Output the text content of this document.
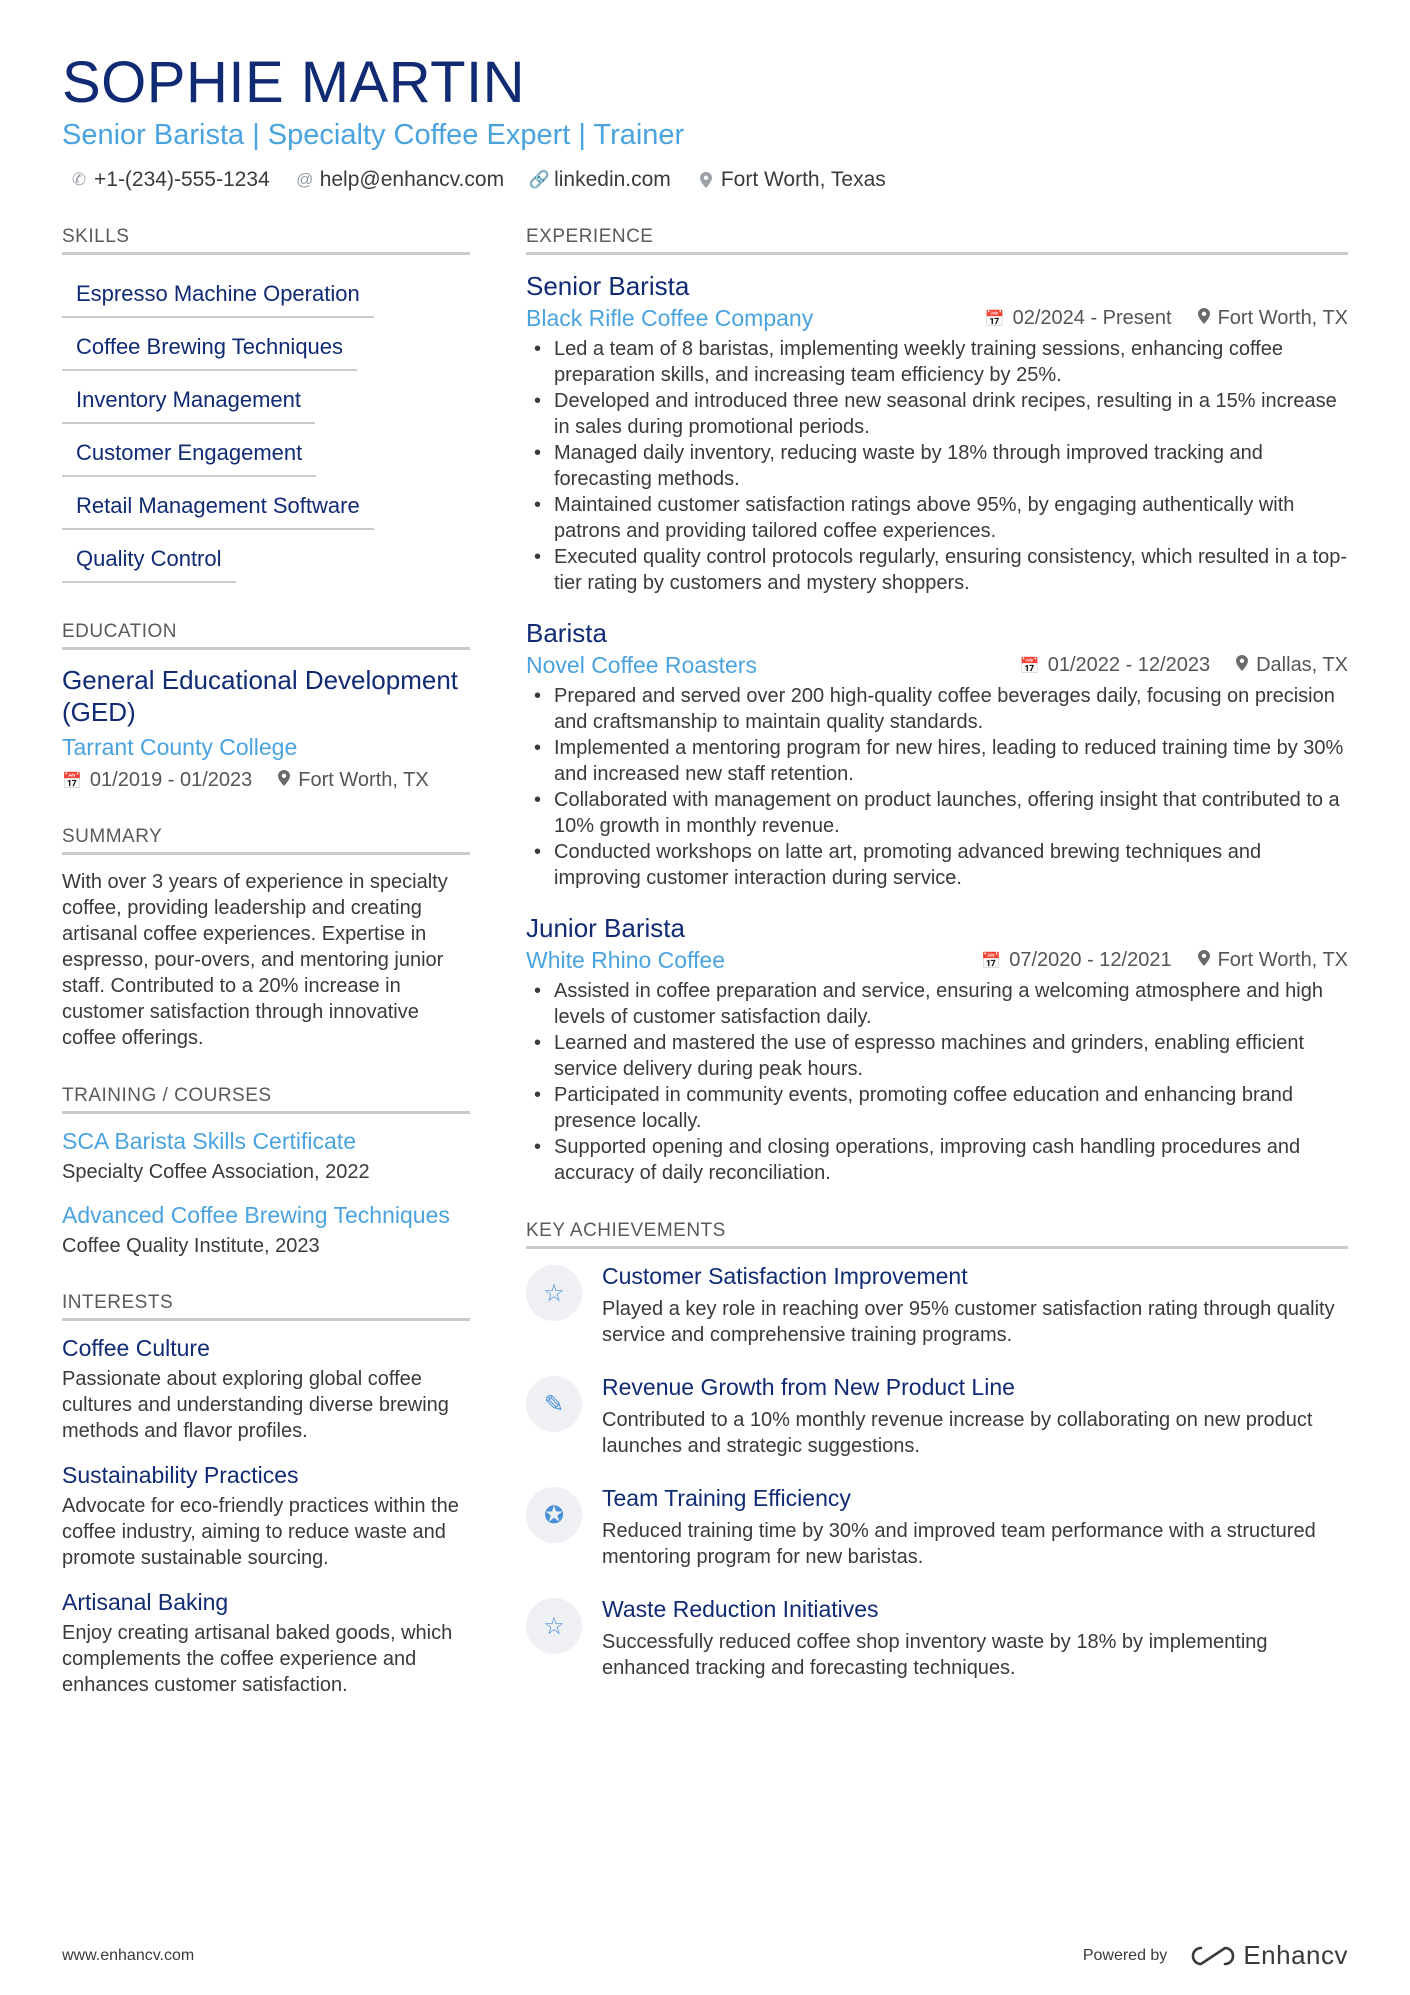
SOPHIE MARTIN
Senior Barista | Specialty Coffee Expert | Trainer
✆ +1-(234)-555-1234 @ help@enhancv.com 🔗 linkedin.com Fort Worth, Texas
SKILLS
Espresso Machine Operation
Coffee Brewing Techniques
Inventory Management
Customer Engagement
Retail Management Software
Quality Control
EDUCATION
General Educational Development (GED)
Tarrant County College
📅 01/2019 - 01/2023 Fort Worth, TX
SUMMARY
With over 3 years of experience in specialty coffee, providing leadership and creating artisanal coffee experiences. Expertise in espresso, pour-overs, and mentoring junior staff. Contributed to a 20% increase in customer satisfaction through innovative coffee offerings.
TRAINING / COURSES
SCA Barista Skills Certificate
Specialty Coffee Association, 2022
Advanced Coffee Brewing Techniques
Coffee Quality Institute, 2023
INTERESTS
Coffee Culture
Passionate about exploring global coffee cultures and understanding diverse brewing methods and flavor profiles.
Sustainability Practices
Advocate for eco-friendly practices within the coffee industry, aiming to reduce waste and promote sustainable sourcing.
Artisanal Baking
Enjoy creating artisanal baked goods, which complements the coffee experience and enhances customer satisfaction.
EXPERIENCE
Senior Barista
Black Rifle Coffee Company	📅 02/2024 - Present Fort Worth, TX
• Led a team of 8 baristas, implementing weekly training sessions, enhancing coffee preparation skills, and increasing team efficiency by 25%.
• Developed and introduced three new seasonal drink recipes, resulting in a 15% increase in sales during promotional periods.
• Managed daily inventory, reducing waste by 18% through improved tracking and forecasting methods.
• Maintained customer satisfaction ratings above 95%, by engaging authentically with patrons and providing tailored coffee experiences.
• Executed quality control protocols regularly, ensuring consistency, which resulted in a top-tier rating by customers and mystery shoppers.
Barista
Novel Coffee Roasters	📅 01/2022 - 12/2023 Dallas, TX
• Prepared and served over 200 high-quality coffee beverages daily, focusing on precision and craftsmanship to maintain quality standards.
• Implemented a mentoring program for new hires, leading to reduced training time by 30% and increased new staff retention.
• Collaborated with management on product launches, offering insight that contributed to a 10% growth in monthly revenue.
• Conducted workshops on latte art, promoting advanced brewing techniques and improving customer interaction during service.
Junior Barista
White Rhino Coffee	📅 07/2020 - 12/2021 Fort Worth, TX
• Assisted in coffee preparation and service, ensuring a welcoming atmosphere and high levels of customer satisfaction daily.
• Learned and mastered the use of espresso machines and grinders, enabling efficient service delivery during peak hours.
• Participated in community events, promoting coffee education and enhancing brand presence locally.
• Supported opening and closing operations, improving cash handling procedures and accuracy of daily reconciliation.
KEY ACHIEVEMENTS
☆
Customer Satisfaction Improvement
Played a key role in reaching over 95% customer satisfaction rating through quality service and comprehensive training programs.
✎
Revenue Growth from New Product Line
Contributed to a 10% monthly revenue increase by collaborating on new product launches and strategic suggestions.
✪
Team Training Efficiency
Reduced training time by 30% and improved team performance with a structured mentoring program for new baristas.
☆
Waste Reduction Initiatives
Successfully reduced coffee shop inventory waste by 18% by implementing enhanced tracking and forecasting techniques.
www.enhancv.com	Powered by	Enhancv
